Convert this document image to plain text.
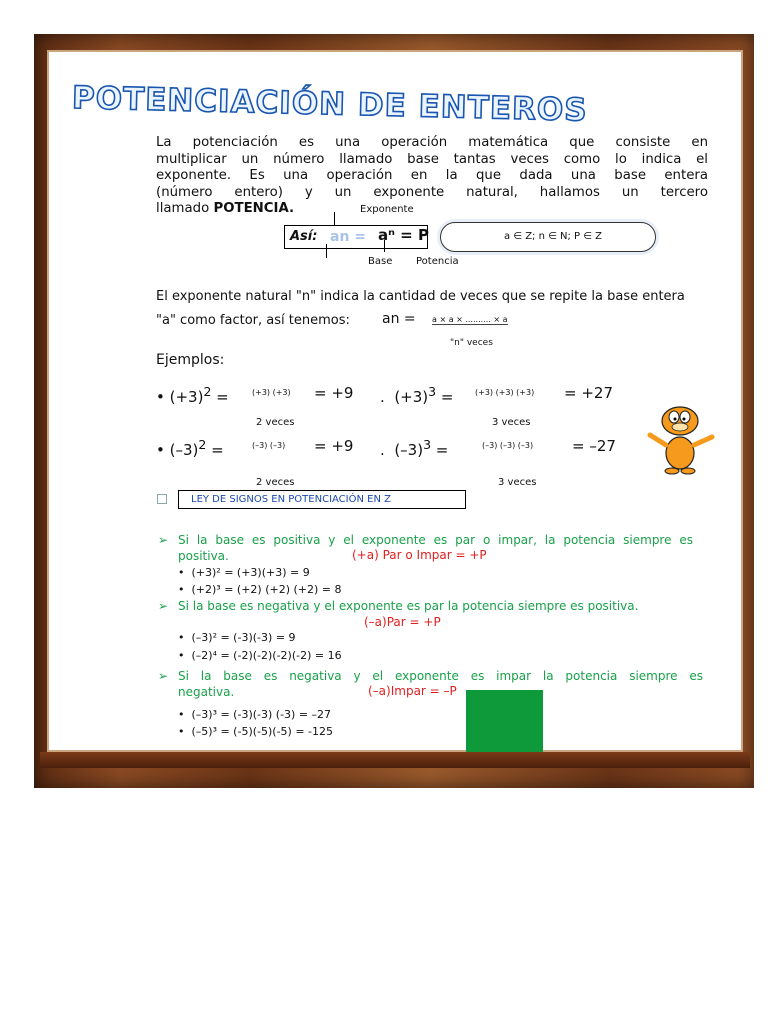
POTENCIACIÓN DE ENTEROS
La potenciación es una operación matemática que consiste en
multiplicar un número llamado base tantas veces como lo indica el
exponente. Es una operación en la que dada una base entera
(número entero) y un exponente natural, hallamos un tercero
llamado POTENCIA.	Exponente
Así: an = aⁿ = P
Base Potencia
a ∈ Z; n ∈ N; P ∈ Z
El exponente natural "n" indica la cantidad de veces que se repite la base entera
"a" como factor, así tenemos: an = a × a × .......... × a
"n" veces
Ejemplos:
• $(+3)^2$ =	(+3) (+3) = +9 .  $(+3)^3$ =	(+3) (+3) (+3) = +27
2 veces	3 veces
• $(-3)^2$ =	(–3) (–3) = +9 .  $(-3)^3$ =	(–3) (–3) (–3)	= –27
2 veces	3 veces
LEY DE SIGNOS EN POTENCIACIÓN EN Z
➢ Si la base es positiva y el exponente es par o impar, la potencia siempre es
positiva.	(+a) Par o Impar = +P
•  (+3)² = (+3)(+3) = 9
•  (+2)³ = (+2) (+2) (+2) = 8
➢ Si la base es negativa y el exponente es par la potencia siempre es positiva.
(–a)Par = +P
•  (–3)² = (-3)(-3) = 9
•  (–2)⁴ = (-2)(-2)(-2)(-2) = 16
➢ Si la base es negativa y el exponente es impar la potencia siempre es
negativa.	(–a)Impar = –P
•  (–3)³ = (-3)(-3) (-3) = –27
•  (–5)³ = (-5)(-5)(-5) = -125
